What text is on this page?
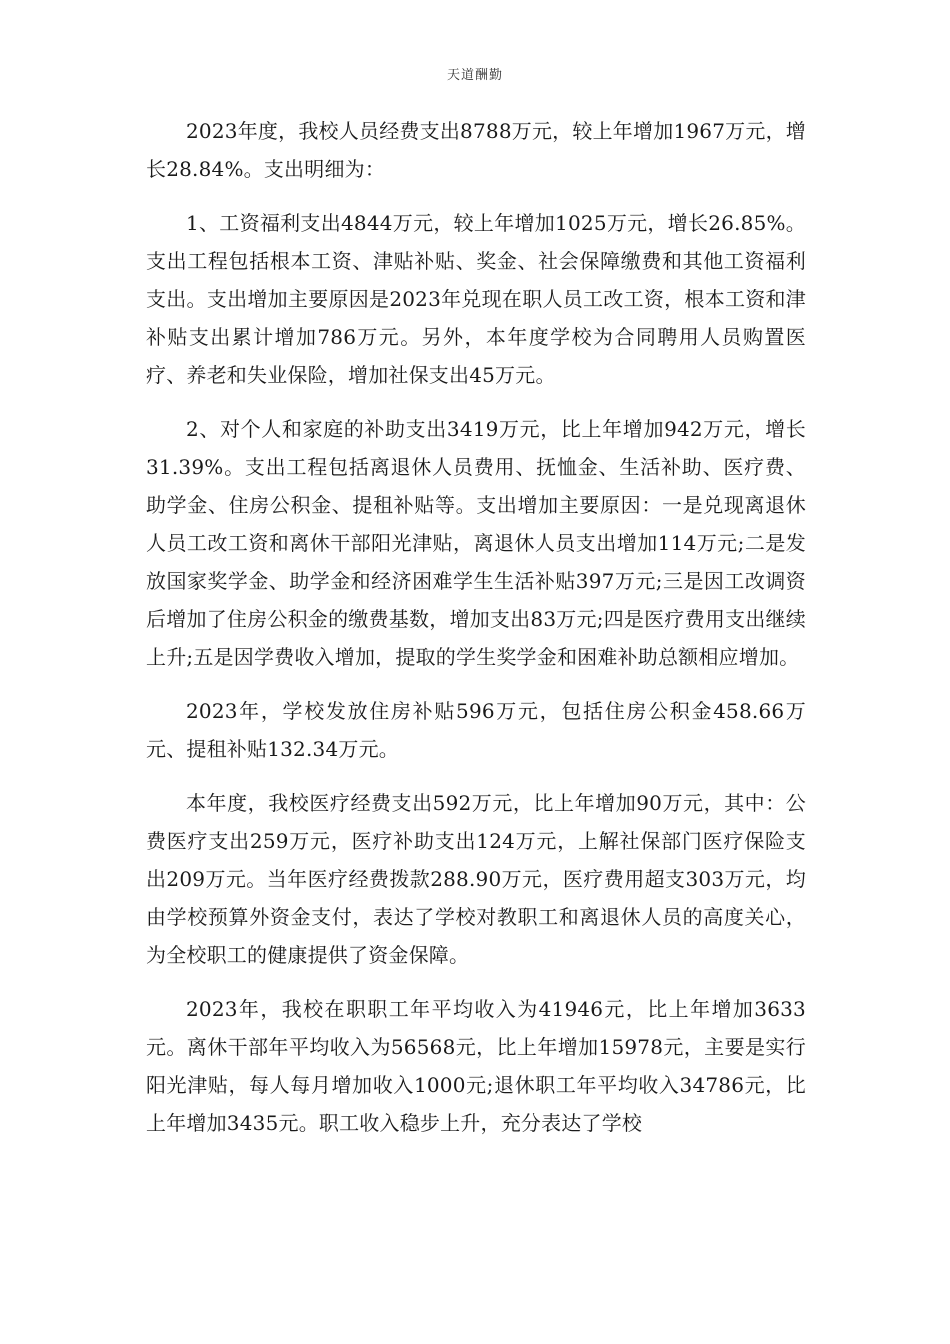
天道酬勤

2023年度，我校人员经费支出8788万元，较上年增加1967万元，增长28.84%。支出明细为：

1、工资福利支出4844万元，较上年增加1025万元，增长26.85%。支出工程包括根本工资、津贴补贴、奖金、社会保障缴费和其他工资福利支出。支出增加主要原因是2023年兑现在职人员工改工资，根本工资和津补贴支出累计增加786万元。另外，本年度学校为合同聘用人员购置医疗、养老和失业保险，增加社保支出45万元。

2、对个人和家庭的补助支出3419万元，比上年增加942万元，增长31.39%。支出工程包括离退休人员费用、抚恤金、生活补助、医疗费、助学金、住房公积金、提租补贴等。支出增加主要原因：一是兑现离退休人员工改工资和离休干部阳光津贴，离退休人员支出增加114万元;二是发放国家奖学金、助学金和经济困难学生生活补贴397万元;三是因工改调资后增加了住房公积金的缴费基数，增加支出83万元;四是医疗费用支出继续上升;五是因学费收入增加，提取的学生奖学金和困难补助总额相应增加。

2023年，学校发放住房补贴596万元，包括住房公积金458.66万元、提租补贴132.34万元。

本年度，我校医疗经费支出592万元，比上年增加90万元，其中：公费医疗支出259万元，医疗补助支出124万元，上解社保部门医疗保险支出209万元。当年医疗经费拨款288.90万元，医疗费用超支303万元，均由学校预算外资金支付，表达了学校对教职工和离退休人员的高度关心，为全校职工的健康提供了资金保障。

2023年，我校在职职工年平均收入为41946元，比上年增加3633元。离休干部年平均收入为56568元，比上年增加15978元，主要是实行阳光津贴，每人每月增加收入1000元;退休职工年平均收入34786元，比上年增加3435元。职工收入稳步上升，充分表达了学校
